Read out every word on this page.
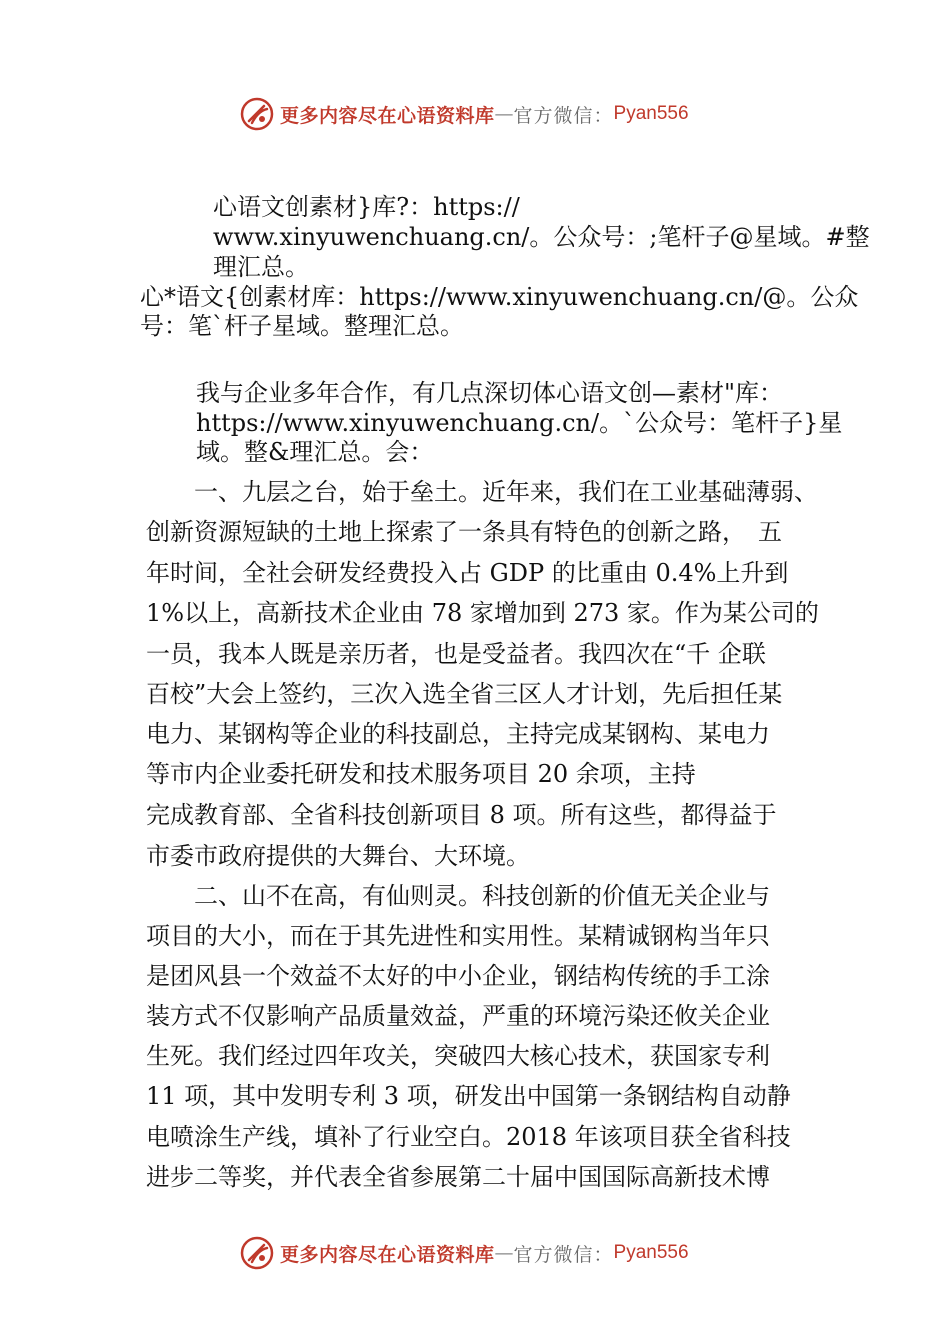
更多内容尽在心语资料库 — 官方微信： Pyan556
心语文创素材}库?：https://
www.xinyuwenchuang.cn/。公众号：;笔杆子@星域。#整
理汇总。
心*语文{创素材库：https://www.xinyuwenchuang.cn/@。公众
号：笔`杆子星域。整理汇总。
我与企业多年合作，有几点深切体心语文创—素材"库：
https://www.xinyuwenchuang.cn/。`公众号：笔杆子}星
域。整&理汇总。会：
　　一、九层之台，始于垒土。近年来，我们在工业基础薄弱、
创新资源短缺的土地上探索了一条具有特色的创新之路，　五
年时间，全社会研发经费投入占 GDP 的比重由 0.4%上升到
1%以上，高新技术企业由 78 家增加到 273 家。作为某公司的
一员，我本人既是亲历者，也是受益者。我四次在“千 企联
百校”大会上签约，三次入选全省三区人才计划，先后担任某
电力、某钢构等企业的科技副总，主持完成某钢构、某电力
等市内企业委托研发和技术服务项目 20 余项，主持
完成教育部、全省科技创新项目 8 项。所有这些，都得益于
市委市政府提供的大舞台、大环境。
　　二、山不在高，有仙则灵。科技创新的价值无关企业与
项目的大小，而在于其先进性和实用性。某精诚钢构当年只
是团风县一个效益不太好的中小企业，钢结构传统的手工涂
装方式不仅影响产品质量效益，严重的环境污染还攸关企业
生死。我们经过四年攻关，突破四大核心技术，获国家专利
11 项，其中发明专利 3 项，研发出中国第一条钢结构自动静
电喷涂生产线，填补了行业空白。2018 年该项目获全省科技
进步二等奖，并代表全省参展第二十届中国国际高新技术博
更多内容尽在心语资料库 — 官方微信： Pyan556
